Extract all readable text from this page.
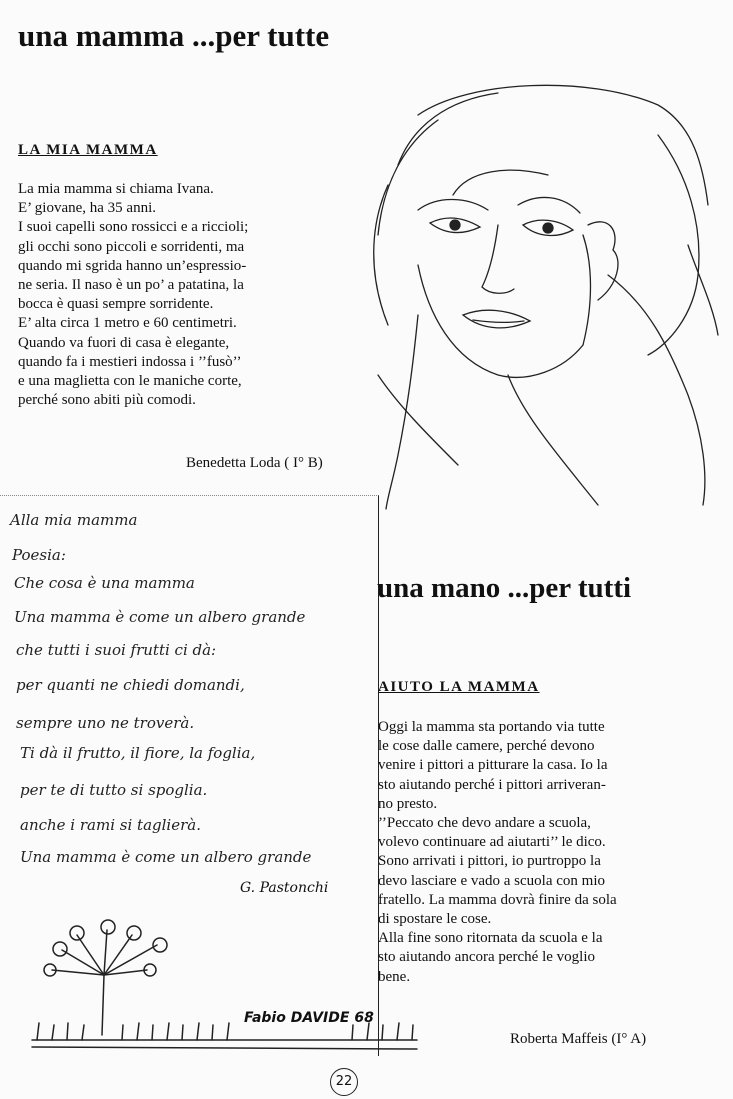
una mamma ...per tutte
LA MIA MAMMA
La mia mamma si chiama Ivana.
E’ giovane, ha 35 anni.
I suoi capelli sono rossicci e a riccioli;
gli occhi sono piccoli e sorridenti, ma
quando mi sgrida hanno un’espressio-
ne seria. Il naso è un po’ a patatina, la
bocca è quasi sempre sorridente.
E’ alta circa 1 metro e 60 centimetri.
Quando va fuori di casa è elegante,
quando fa i mestieri indossa i ’’fusò’’
e una maglietta con le maniche corte,
perché sono abiti più comodi.
Benedetta Loda ( I° B)
Alla mia mamma
Poesia:
Che cosa è una mamma
Una mamma è come un albero grande
che tutti i suoi frutti ci dà:
per quanti ne chiedi domandi,
sempre uno ne troverà.
Ti dà il frutto, il fiore, la foglia,
per te di tutto si spoglia.
anche i rami si taglierà.
Una mamma è come un albero grande
G. Pastonchi
Fabio DAVIDE 68
una mano ...per tutti
AIUTO LA MAMMA
Oggi la mamma sta portando via tutte
le cose dalle camere, perché devono
venire i pittori a pitturare la casa. Io la
sto aiutando perché i pittori arriveran-
no presto.
’’Peccato che devo andare a scuola,
volevo continuare ad aiutarti’’ le dico.
Sono arrivati i pittori, io purtroppo la
devo lasciare e vado a scuola con mio
fratello. La mamma dovrà finire da sola
di spostare le cose.
Alla fine sono ritornata da scuola e la
sto aiutando ancora perché le voglio
bene.
Roberta Maffeis (I° A)
22
